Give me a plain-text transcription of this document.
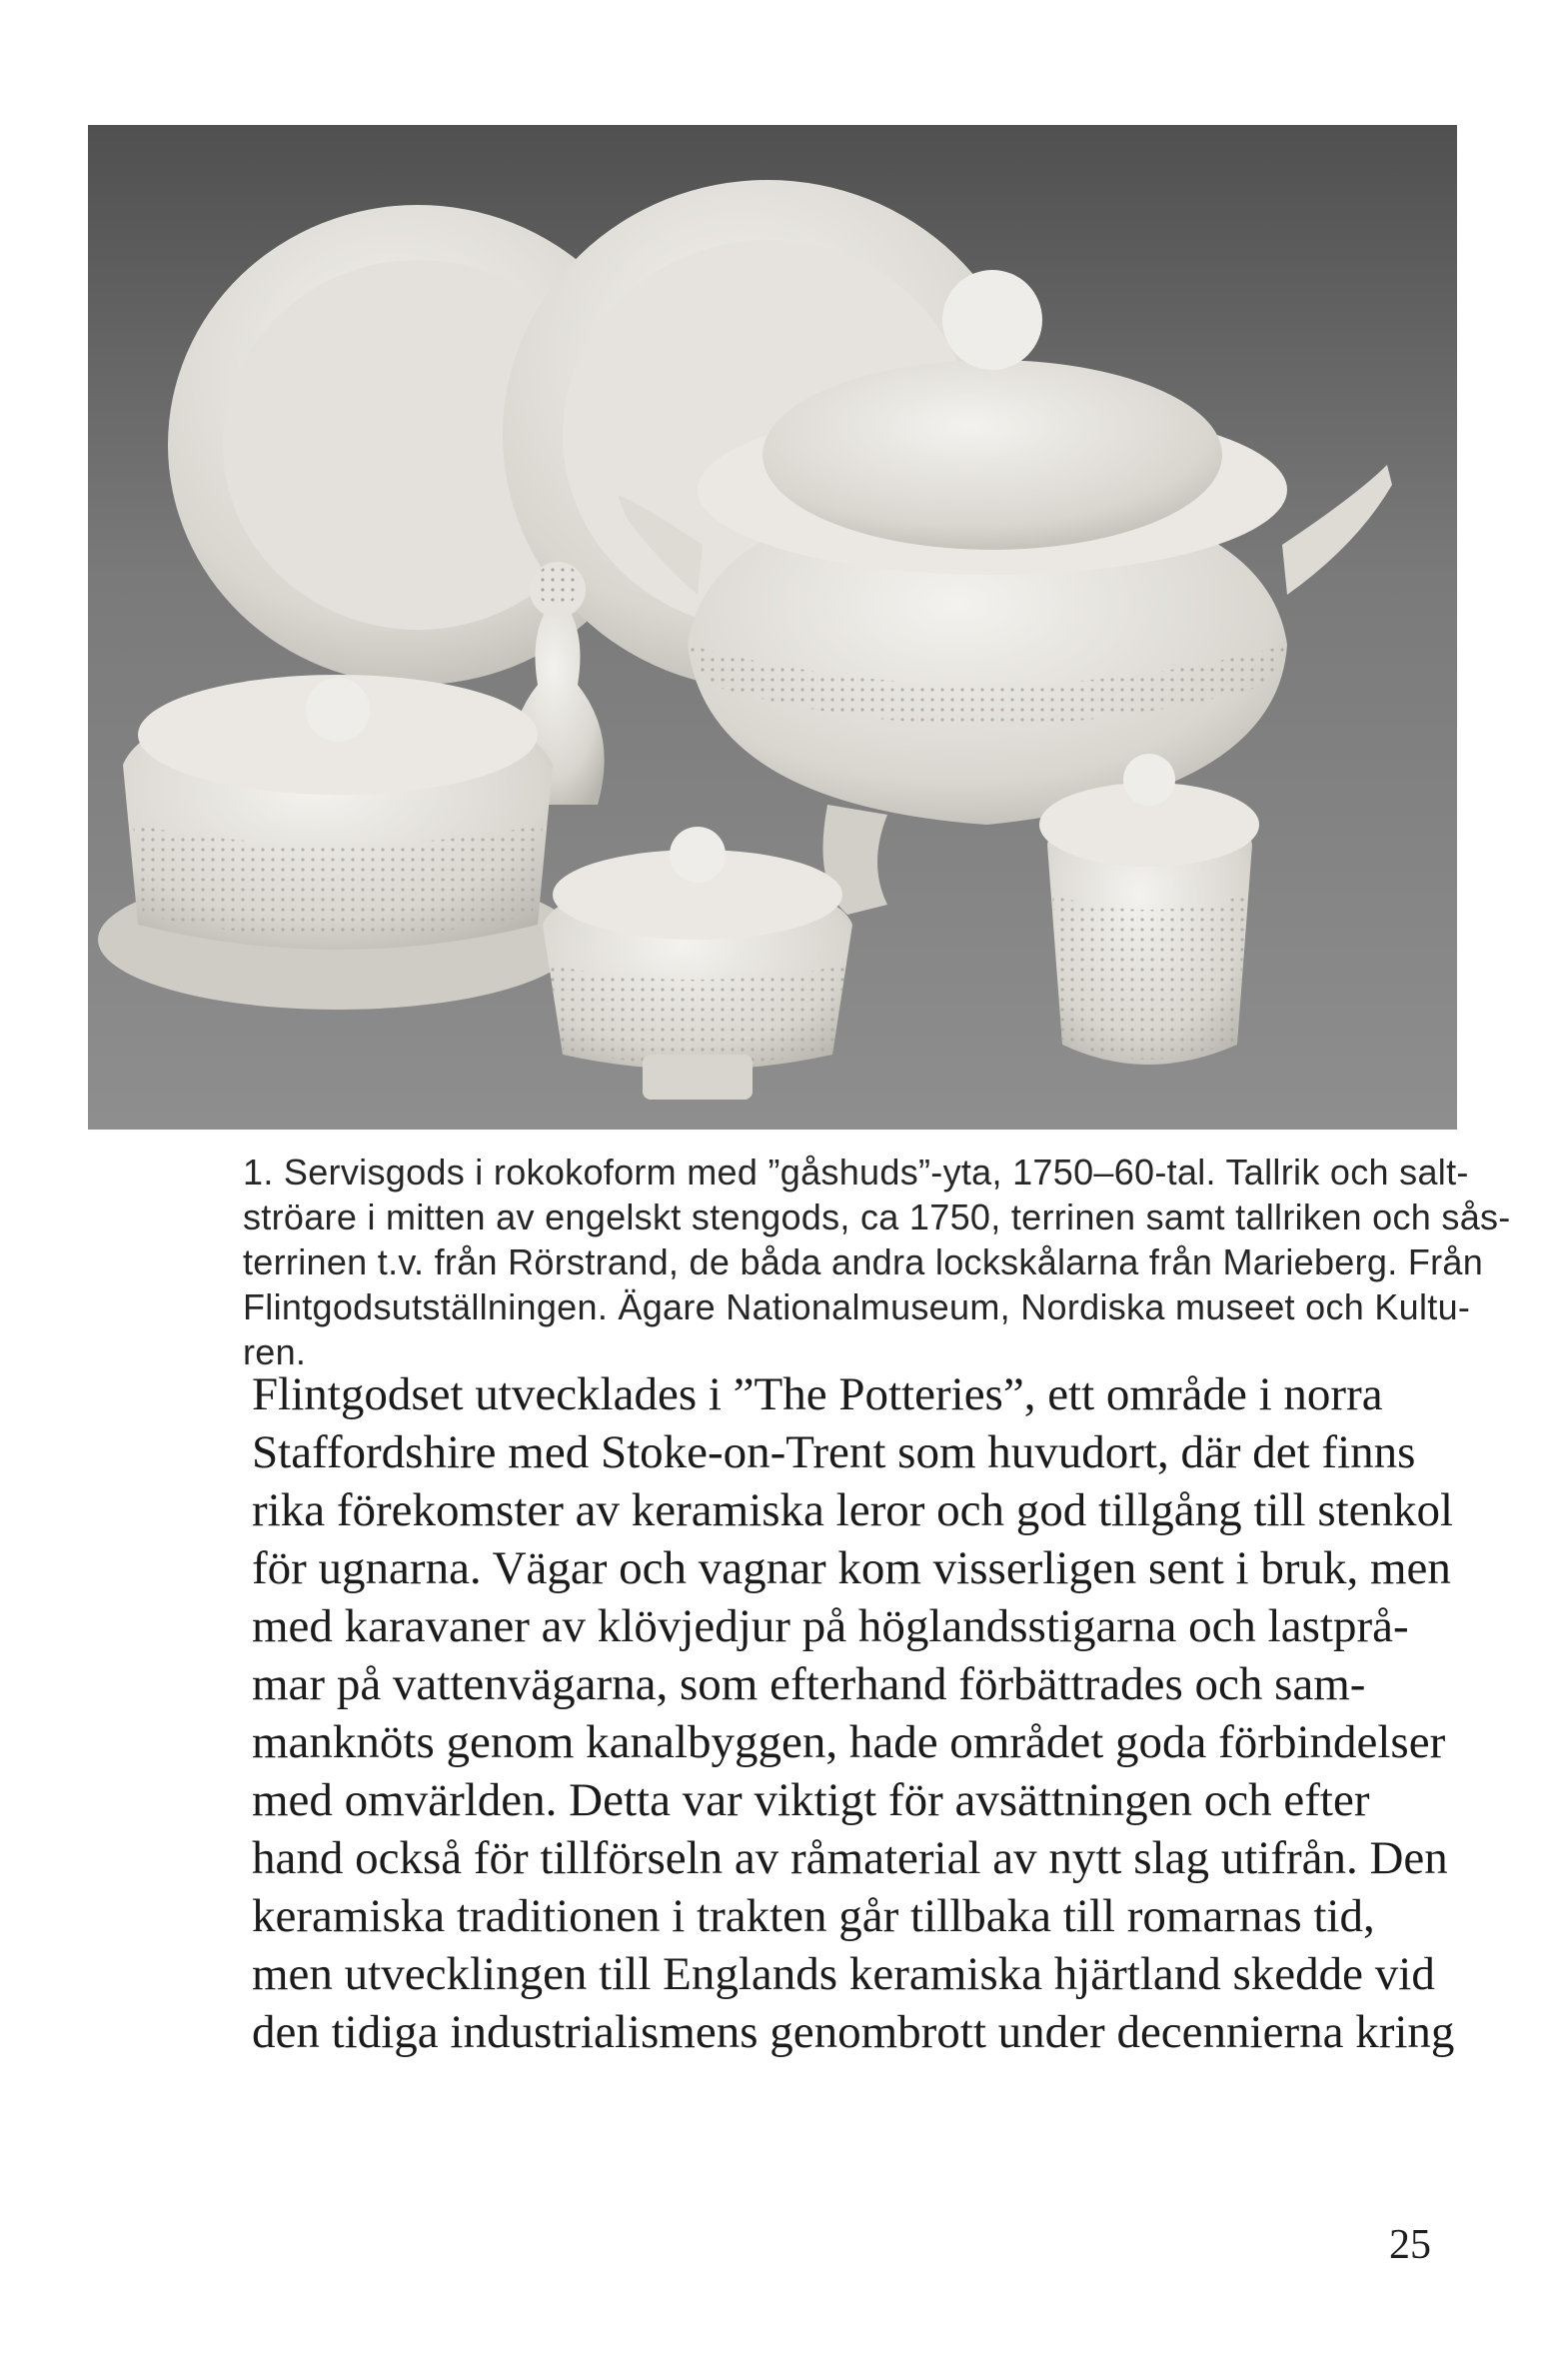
1. Servisgods i rokokoform med ”gåshuds”-yta, 1750–60-tal. Tallrik och salt-
ströare i mitten av engelskt stengods, ca 1750, terrinen samt tallriken och sås-
terrinen t.v. från Rörstrand, de båda andra lockskålarna från Marieberg. Från
Flintgodsutställningen. Ägare Nationalmuseum, Nordiska museet och Kultu-
ren.
Flintgodset utvecklades i ”The Potteries”, ett område i norra
Staffordshire med Stoke-on-Trent som huvudort, där det finns
rika förekomster av keramiska leror och god tillgång till stenkol
för ugnarna. Vägar och vagnar kom visserligen sent i bruk, men
med karavaner av klövjedjur på höglandsstigarna och lastprå-
mar på vattenvägarna, som efterhand förbättrades och sam-
manknöts genom kanalbyggen, hade området goda förbindelser
med omvärlden. Detta var viktigt för avsättningen och efter
hand också för tillförseln av råmaterial av nytt slag utifrån. Den
keramiska traditionen i trakten går tillbaka till romarnas tid,
men utvecklingen till Englands keramiska hjärtland skedde vid
den tidiga industrialismens genombrott under decennierna kring
25
